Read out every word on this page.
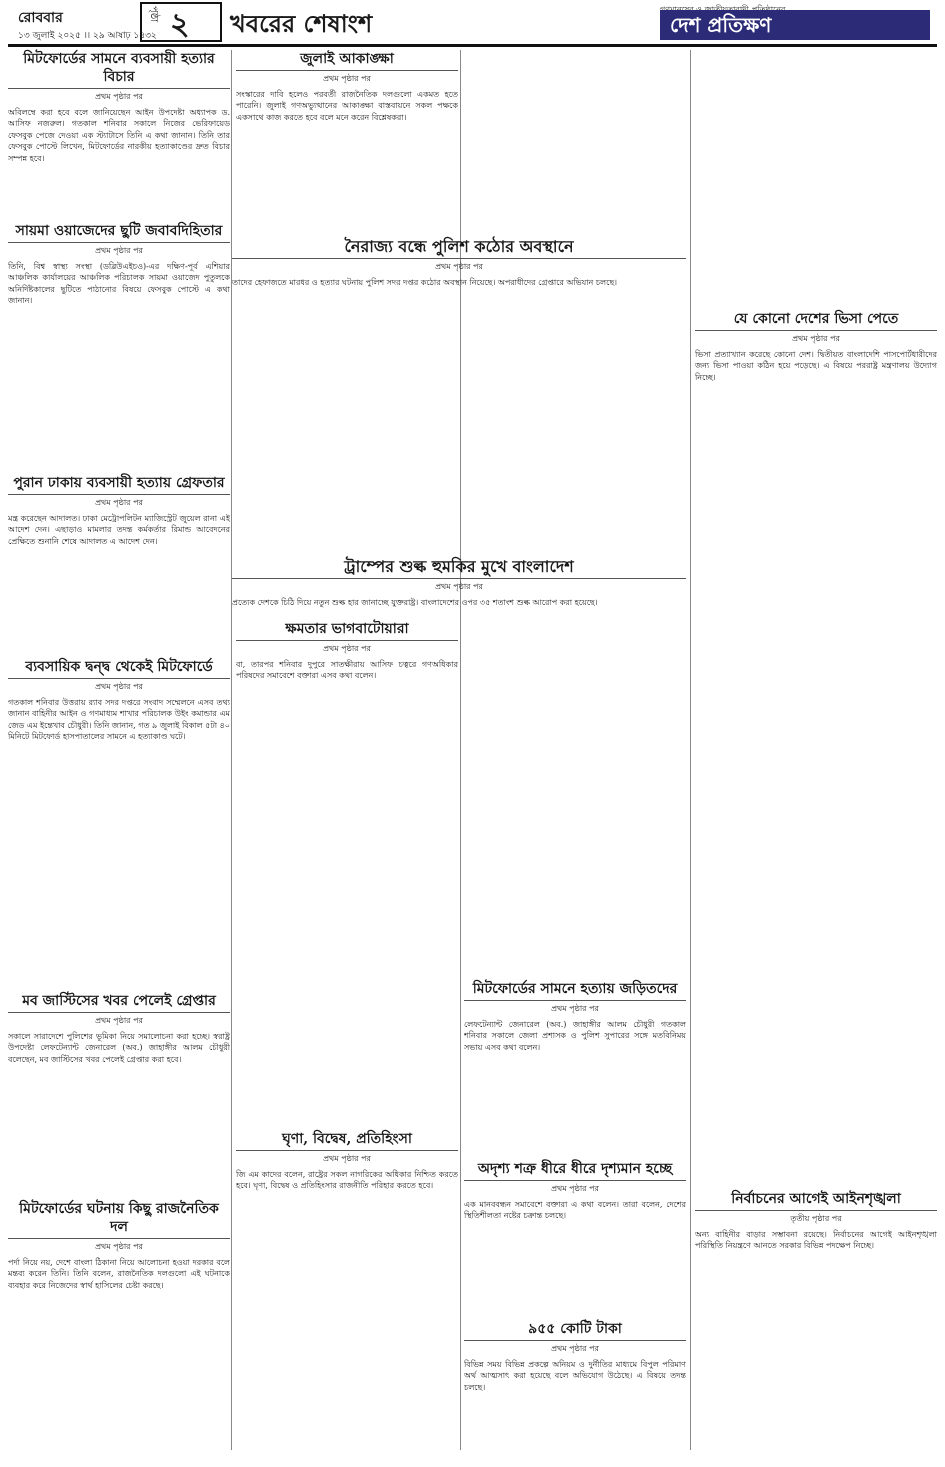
রোববার
১৩ জুলাই ২০২৫ ।। ২৯ আষাঢ় ১৪৩২
পৃষ্ঠা ২ খবরের শেষাংশ	দেশ প্রতিক্ষণ
মিটফোর্ডের সামনে ব্যবসায়ী হত্যার বিচার
প্রথম পৃষ্ঠার পর
অবিলম্বে করা হবে বলে জানিয়েছেন আইন উপদেষ্টা অধ্যাপক ড. আসিফ নজরুল। গতকাল শনিবার সকালে নিজের ভেরিফায়েড ফেসবুক পেজে দেওয়া এক স্ট্যাটাসে তিনি এ কথা জানান। তিনি তার ফেসবুক পোস্টে লিখেন, মিটফোর্ডের নারকীয় হত্যাকাণ্ডের দ্রুত বিচার সম্পন্ন হবে।
সায়মা ওয়াজেদের ছুটি জবাবদিহিতার
প্রথম পৃষ্ঠার পর
তিনি, বিশ্ব স্বাস্থ্য সংস্থা (ডব্লিউএইচও)-এর দক্ষিণ-পূর্ব এশিয়ার আঞ্চলিক কার্যালয়ের আঞ্চলিক পরিচালক সায়মা ওয়াজেদ পুতুলকে অনির্দিষ্টকালের ছুটিতে পাঠানোর বিষয়ে ফেসবুক পোস্টে এ কথা জানান।
পুরান ঢাকায় ব্যবসায়ী হত্যায় গ্রেফতার
প্রথম পৃষ্ঠার পর
মন্ত্র করেছেন আদালত। ঢাকা মেট্রোপলিটন ম্যাজিস্ট্রেট জুয়েল রানা এই আদেশ দেন। এছাড়াও মামলার তদন্ত কর্মকর্তার রিমান্ড আবেদনের প্রেক্ষিতে শুনানি শেষে আদালত এ আদেশ দেন।
ব্যবসায়িক দ্বন্দ্ব থেকেই মিটফোর্ডে
প্রথম পৃষ্ঠার পর
গতকাল শনিবার উত্তরায় র‌্যাব সদর দপ্তরে সংবাদ সম্মেলনে এসব তথ্য জানান বাহিনীর আইন ও গণমাধ্যম শাখার পরিচালক উইং কমান্ডার এম জেড এম ইন্তেখাব চৌধুরী। তিনি জানান, গত ৯ জুলাই বিকাল ৫টা ৪০ মিনিটে মিটফোর্ড হাসপাতালের সামনে এ হত্যাকাণ্ড ঘটে।
মব জাস্টিসের খবর পেলেই গ্রেপ্তার
প্রথম পৃষ্ঠার পর
সকালে সারাদেশে পুলিশের ভূমিকা নিয়ে সমালোচনা করা হচ্ছে। স্বরাষ্ট্র উপদেষ্টা লেফটেন্যান্ট জেনারেল (অব.) জাহাঙ্গীর আলম চৌধুরী বলেছেন, মব জাস্টিসের খবর পেলেই গ্রেপ্তার করা হবে।
মিটফোর্ডের ঘটনায় কিছু রাজনৈতিক দল
প্রথম পৃষ্ঠার পর
পর্দা নিয়ে নয়, দেশে বাংলা ঠিকানা নিয়ে আলোচনা হওয়া দরকার বলে মন্তব্য করেন তিনি। তিনি বলেন, রাজনৈতিক দলগুলো এই ঘটনাকে ব্যবহার করে নিজেদের স্বার্থ হাসিলের চেষ্টা করছে।
জুলাই আকাঙ্ক্ষা
প্রথম পৃষ্ঠার পর
সংস্কারের দাবি হলেও পরবর্তী রাজনৈতিক দলগুলো একমত হতে পারেনি। জুলাই গণঅভ্যুত্থানের আকাঙ্ক্ষা বাস্তবায়নে সকল পক্ষকে একসাথে কাজ করতে হবে বলে মনে করেন বিশ্লেষকরা।
নৈরাজ্য বন্ধে পুলিশ কঠোর অবস্থানে
প্রথম পৃষ্ঠার পর
তাদের হেফাজতে মারধর ও হত্যার ঘটনায় পুলিশ সদর দপ্তর কঠোর অবস্থান নিয়েছে। অপরাধীদের গ্রেপ্তারে অভিযান চলছে।
ট্রাম্পের শুল্ক হুমকির মুখে বাংলাদেশ
প্রথম পৃষ্ঠার পর
প্রত্যেক দেশকে চিঠি দিয়ে নতুন শুল্ক হার জানাচ্ছে যুক্তরাষ্ট্র। বাংলাদেশের ওপর ৩৫ শতাংশ শুল্ক আরোপ করা হয়েছে।
ক্ষমতার ভাগবাটোয়ারা
প্রথম পৃষ্ঠার পর
বা, তারপর শনিবার দুপুরে সাতক্ষীরায় আসিফ চত্বরে গণঅধিকার পরিষদের সমাবেশে বক্তারা এসব কথা বলেন।
ঘৃণা, বিদ্বেষ, প্রতিহিংসা
প্রথম পৃষ্ঠার পর
জি এম কাদের বলেন, রাষ্ট্রের সকল নাগরিকের অধিকার নিশ্চিত করতে হবে। ঘৃণা, বিদ্বেষ ও প্রতিহিংসার রাজনীতি পরিহার করতে হবে।
মিটফোর্ডের সামনে হত্যায় জড়িতদের
প্রথম পৃষ্ঠার পর
লেফটেন্যান্ট জেনারেল (অব.) জাহাঙ্গীর আলম চৌধুরী গতকাল শনিবার সকালে জেলা প্রশাসক ও পুলিশ সুপারের সঙ্গে মতবিনিময় সভায় এসব কথা বলেন।
অদৃশ্য শত্রু ধীরে ধীরে দৃশ্যমান হচ্ছে
প্রথম পৃষ্ঠার পর
এক মানববন্ধন সমাবেশে বক্তারা এ কথা বলেন। তারা বলেন, দেশের স্থিতিশীলতা নষ্টের চক্রান্ত চলছে।
৯৫৫ কোটি টাকা
প্রথম পৃষ্ঠার পর
বিভিন্ন সময় বিভিন্ন প্রকল্পে অনিয়ম ও দুর্নীতির মাধ্যমে বিপুল পরিমাণ অর্থ আত্মসাৎ করা হয়েছে বলে অভিযোগ উঠেছে। এ বিষয়ে তদন্ত চলছে।
যে কোনো দেশের ভিসা পেতে
প্রথম পৃষ্ঠার পর
ভিসা প্রত্যাখ্যান করেছে কোনো দেশ। দ্বিতীয়ত বাংলাদেশি পাসপোর্টধারীদের জন্য ভিসা পাওয়া কঠিন হয়ে পড়েছে। এ বিষয়ে পররাষ্ট্র মন্ত্রণালয় উদ্যোগ নিচ্ছে।
নির্বাচনের আগেই আইনশৃঙ্খলা
তৃতীয় পৃষ্ঠার পর
অন্য বাহিনীর বাড়ার সম্ভাবনা রয়েছে। নির্বাচনের আগেই আইনশৃঙ্খলা পরিস্থিতি নিয়ন্ত্রণে আনতে সরকার বিভিন্ন পদক্ষেপ নিচ্ছে।
